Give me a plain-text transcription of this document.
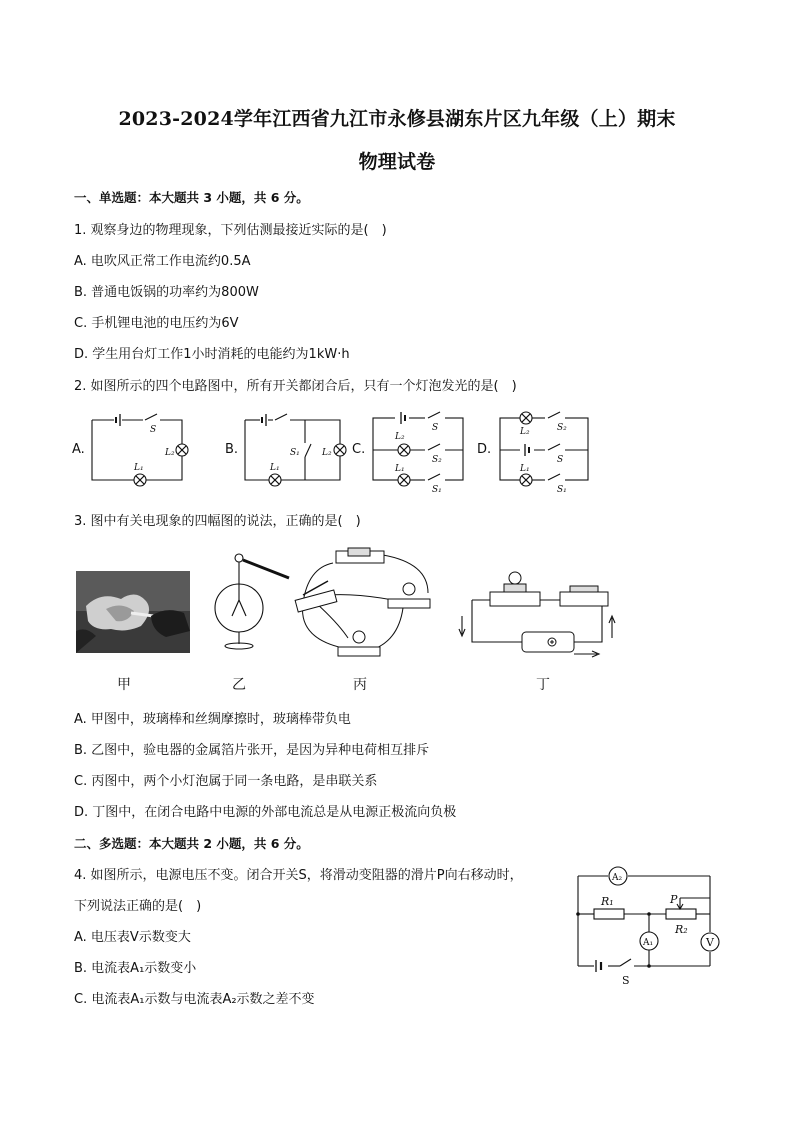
2023-2024学年江西省九江市永修县湖东片区九年级（上）期末
物理试卷
一、单选题：本大题共 3 小题，共 6 分。
1. 观察身边的物理现象，下列估测最接近实际的是(　)
A. 电吹风正常工作电流约0.5A
B. 普通电饭锅的功率约为800W
C. 手机锂电池的电压约为6V
D. 学生用台灯工作1小时消耗的电能约为1kW·h
2. 如图所示的四个电路图中，所有开关都闭合后，只有一个灯泡发光的是(　)
A.	B.	C.	D.
S
L₂
L₁
S₁ L₂
L₁
S
L₂
S₂
L₁
S₁
S₂
L₂
S
L₁
S₁
3. 图中有关电现象的四幅图的说法，正确的是(　)
甲	乙	丙	丁
A. 甲图中，玻璃棒和丝绸摩擦时，玻璃棒带负电
B. 乙图中，验电器的金属箔片张开，是因为异种电荷相互排斥
C. 丙图中，两个小灯泡属于同一条电路，是串联关系
D. 丁图中，在闭合电路中电源的外部电流总是从电源正极流向负极
二、多选题：本大题共 2 小题，共 6 分。
4. 如图所示，电源电压不变。闭合开关S，将滑动变阻器的滑片P向右移动时，
下列说法正确的是(　)
A. 电压表V示数变大
B. 电流表A₁示数变小
C. 电流表A₁示数与电流表A₂示数之差不变
A₂
A₁	V
R₁
R₂
P
S
